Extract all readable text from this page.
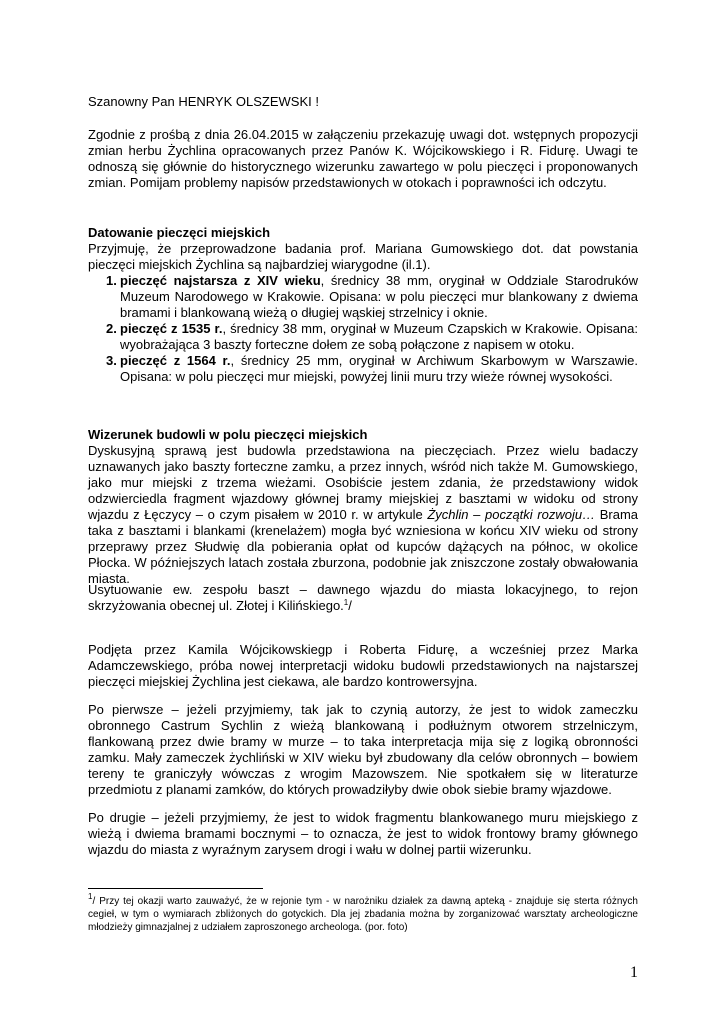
Szanowny Pan HENRYK OLSZEWSKI !

Zgodnie z prośbą z dnia 26.04.2015 w załączeniu przekazuję uwagi dot. wstępnych propozycji zmian herbu Żychlina opracowanych przez Panów K. Wójcikowskiego i R. Fidurę. Uwagi te odnoszą się głównie do historycznego wizerunku zawartego w polu pieczęci i proponowanych zmian. Pomijam problemy napisów przedstawionych w otokach i poprawności ich odczytu.

Datowanie pieczęci miejskich

Przyjmuję, że przeprowadzone badania prof. Mariana Gumowskiego dot. dat powstania pieczęci miejskich Żychlina są najbardziej wiarygodne (il.1).

1. pieczęć najstarsza z XIV wieku, średnicy 38 mm, oryginał w Oddziale Starodruków Muzeum Narodowego w Krakowie. Opisana: w polu pieczęci mur blankowany z dwiema bramami i blankowaną wieżą o długiej wąskiej strzelnicy i oknie.
2. pieczęć z 1535 r., średnicy 38 mm, oryginał w Muzeum Czapskich w Krakowie. Opisana: wyobrażająca 3 baszty forteczne dołem ze sobą połączone z napisem w otoku.
3. pieczęć z 1564 r., średnicy 25 mm, oryginał w Archiwum Skarbowym w Warszawie. Opisana: w polu pieczęci mur miejski, powyżej linii muru trzy wieże równej wysokości.

Wizerunek budowli w polu pieczęci miejskich

Dyskusyjną sprawą jest budowla przedstawiona na pieczęciach. Przez wielu badaczy uznawanych jako baszty forteczne zamku, a przez innych, wśród nich także M. Gumowskiego, jako mur miejski z trzema wieżami. Osobiście jestem zdania, że przedstawiony widok odzwierciedla fragment wjazdowy głównej bramy miejskiej z basztami w widoku od strony wjazdu z Łęczycy – o czym pisałem w 2010 r. w artykule Żychlin – początki rozwoju… Brama taka z basztami i blankami (krenelażem) mogła być wzniesiona w końcu XIV wieku od strony przeprawy przez Słudwię dla pobierania opłat od kupców dążących na północ, w okolice Płocka. W późniejszych latach została zburzona, podobnie jak zniszczone zostały obwałowania miasta.

Usytuowanie ew. zespołu baszt – dawnego wjazdu do miasta lokacyjnego, to rejon skrzyżowania obecnej ul. Złotej i Kilińskiego.$^1$/

Podjęta przez Kamila Wójcikowskiegp i Roberta Fidurę, a wcześniej przez Marka Adamczewskiego, próba nowej interpretacji widoku budowli przedstawionych na najstarszej pieczęci miejskiej Żychlina jest ciekawa, ale bardzo kontrowersyjna.

Po pierwsze – jeżeli przyjmiemy, tak jak to czynią autorzy, że jest to widok zameczku obronnego Castrum Sychlin z wieżą blankowaną i podłużnym otworem strzelniczym, flankowaną przez dwie bramy w murze – to taka interpretacja mija się z logiką obronności zamku. Mały zameczek żychliński w XIV wieku był zbudowany dla celów obronnych – bowiem tereny te graniczyły wówczas z wrogim Mazowszem. Nie spotkałem się w literaturze przedmiotu z planami zamków, do których prowadziłyby dwie obok siebie bramy wjazdowe.

Po drugie – jeżeli przyjmiemy, że jest to widok fragmentu blankowanego muru miejskiego z wieżą i dwiema bramami bocznymi – to oznacza, że jest to widok frontowy bramy głównego wjazdu do miasta z wyraźnym zarysem drogi i wału w dolnej partii wizerunku.

$^1$/ Przy tej okazji warto zauważyć, że w rejonie tym - w narożniku działek za dawną apteką - znajduje się sterta różnych cegieł, w tym o wymiarach zbliżonych do gotyckich. Dla jej zbadania można by zorganizować warsztaty archeologiczne młodzieży gimnazjalnej z udziałem zaproszonego archeologa. (por. foto)

1
